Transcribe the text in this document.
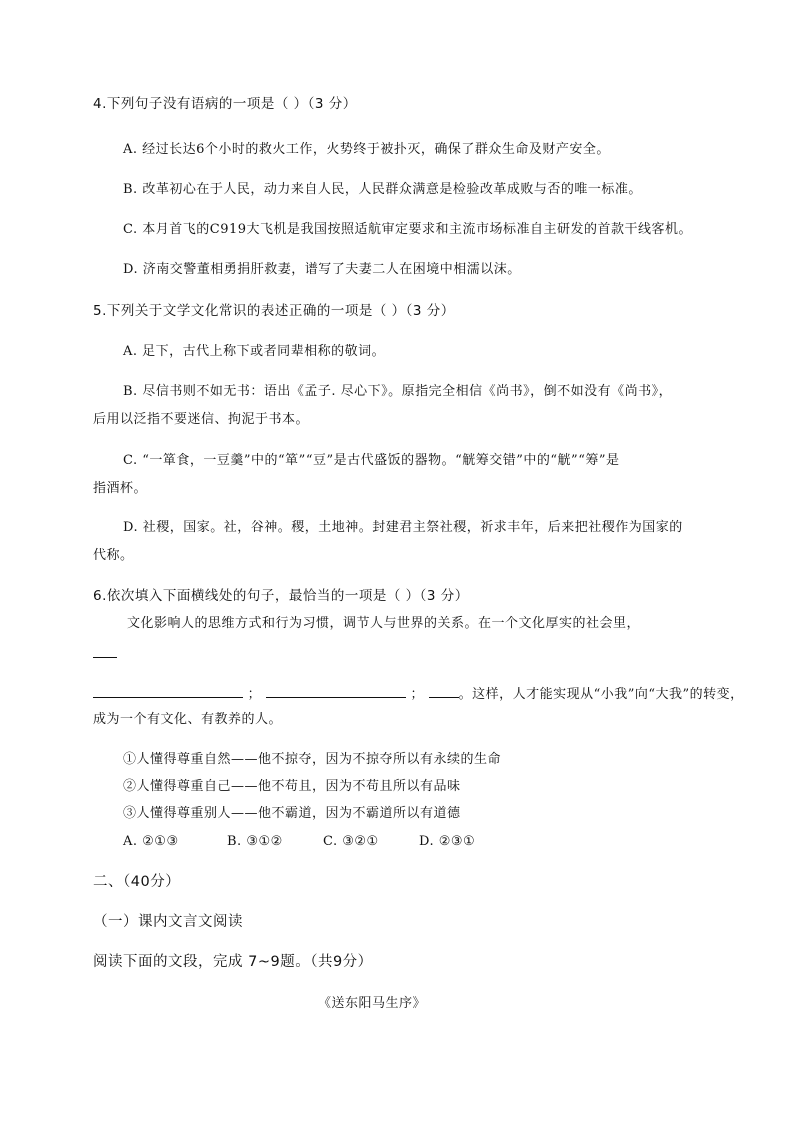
4.下列句子没有语病的一项是（ ）（3 分）
A. 经过长达6个小时的救火工作，火势终于被扑灭，确保了群众生命及财产安全。
B. 改革初心在于人民，动力来自人民，人民群众满意是检验改革成败与否的唯一标准。
C. 本月首飞的C919大飞机是我国按照适航审定要求和主流市场标准自主研发的首款干线客机。
D. 济南交警董相勇捐肝救妻，谱写了夫妻二人在困境中相濡以沫。
5.下列关于文学文化常识的表述正确的一项是（ ）（3 分）
A. 足下，古代上称下或者同辈相称的敬词。
B. 尽信书则不如无书：语出《孟子. 尽心下》。原指完全相信《尚书》，倒不如没有《尚书》，
后用以泛指不要迷信、拘泥于书本。
C. “一箪食，一豆羹”中的“箪”“豆”是古代盛饭的器物。“觥筹交错”中的“觥”“筹”是
指酒杯。
D. 社稷，国家。社，谷神。稷，土地神。封建君主祭社稷，祈求丰年，后来把社稷作为国家的
代称。
6.依次填入下面横线处的句子，最恰当的一项是（ ）（3 分）
文化影响人的思维方式和行为习惯，调节人与世界的关系。在一个文化厚实的社会里，
；	；	。这样，人才能实现从“小我”向“大我”的转变，
成为一个有文化、有教养的人。
①人懂得尊重自然——他不掠夺，因为不掠夺所以有永续的生命
②人懂得尊重自己——他不苟且，因为不苟且所以有品味
③人懂得尊重别人——他不霸道，因为不霸道所以有道德
A. ②①③	B. ③①②	C. ③②①	D. ②③①
二、（40分）
（一）课内文言文阅读
阅读下面的文段，完成 7~9题。（共9分）
《送东阳马生序》
